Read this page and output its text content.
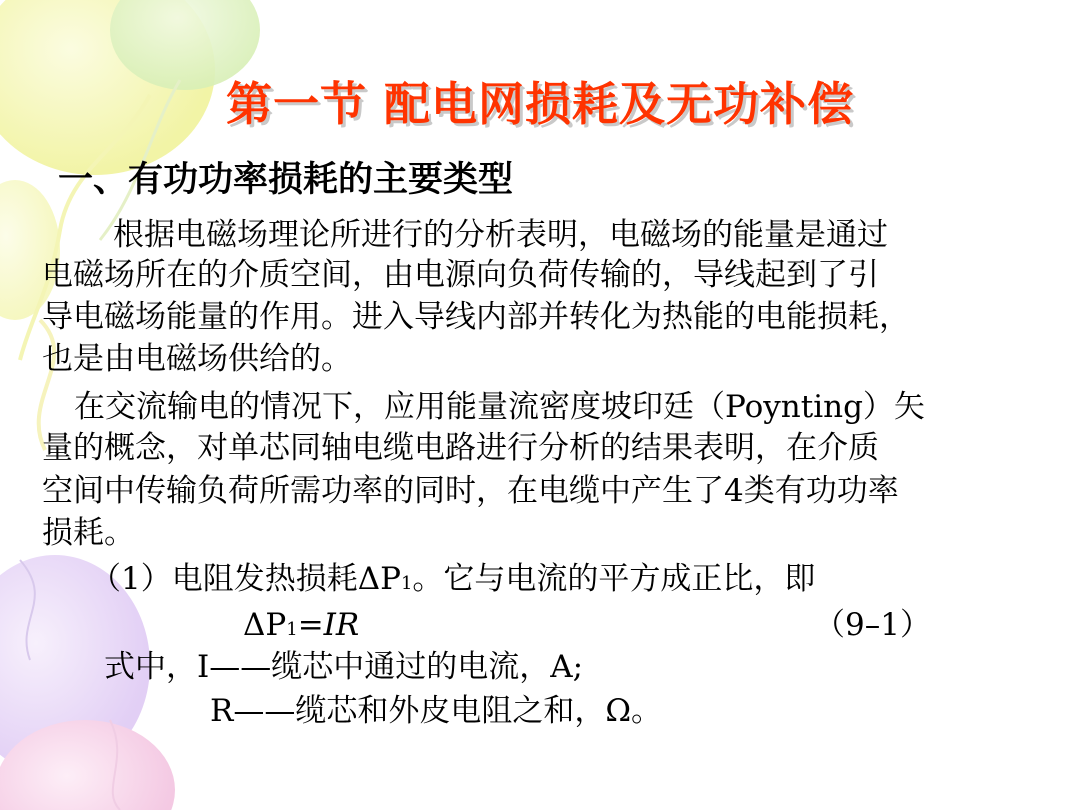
第一节 配电网损耗及无功补偿
一、有功功率损耗的主要类型
根据电磁场理论所进行的分析表明，电磁场的能量是通过
电磁场所在的介质空间，由电源向负荷传输的，导线起到了引
导电磁场能量的作用。进入导线内部并转化为热能的电能损耗，
也是由电磁场供给的。
在交流输电的情况下，应用能量流密度坡印廷（Poynting）矢
量的概念，对单芯同轴电缆电路进行分析的结果表明，在介质
空间中传输负荷所需功率的同时，在电缆中产生了4类有功功率
损耗。
（1）电阻发热损耗ΔP1。它与电流的平方成正比，即
ΔP1=IR	（9–1）
式中，I——缆芯中通过的电流，A;
R——缆芯和外皮电阻之和，Ω。
